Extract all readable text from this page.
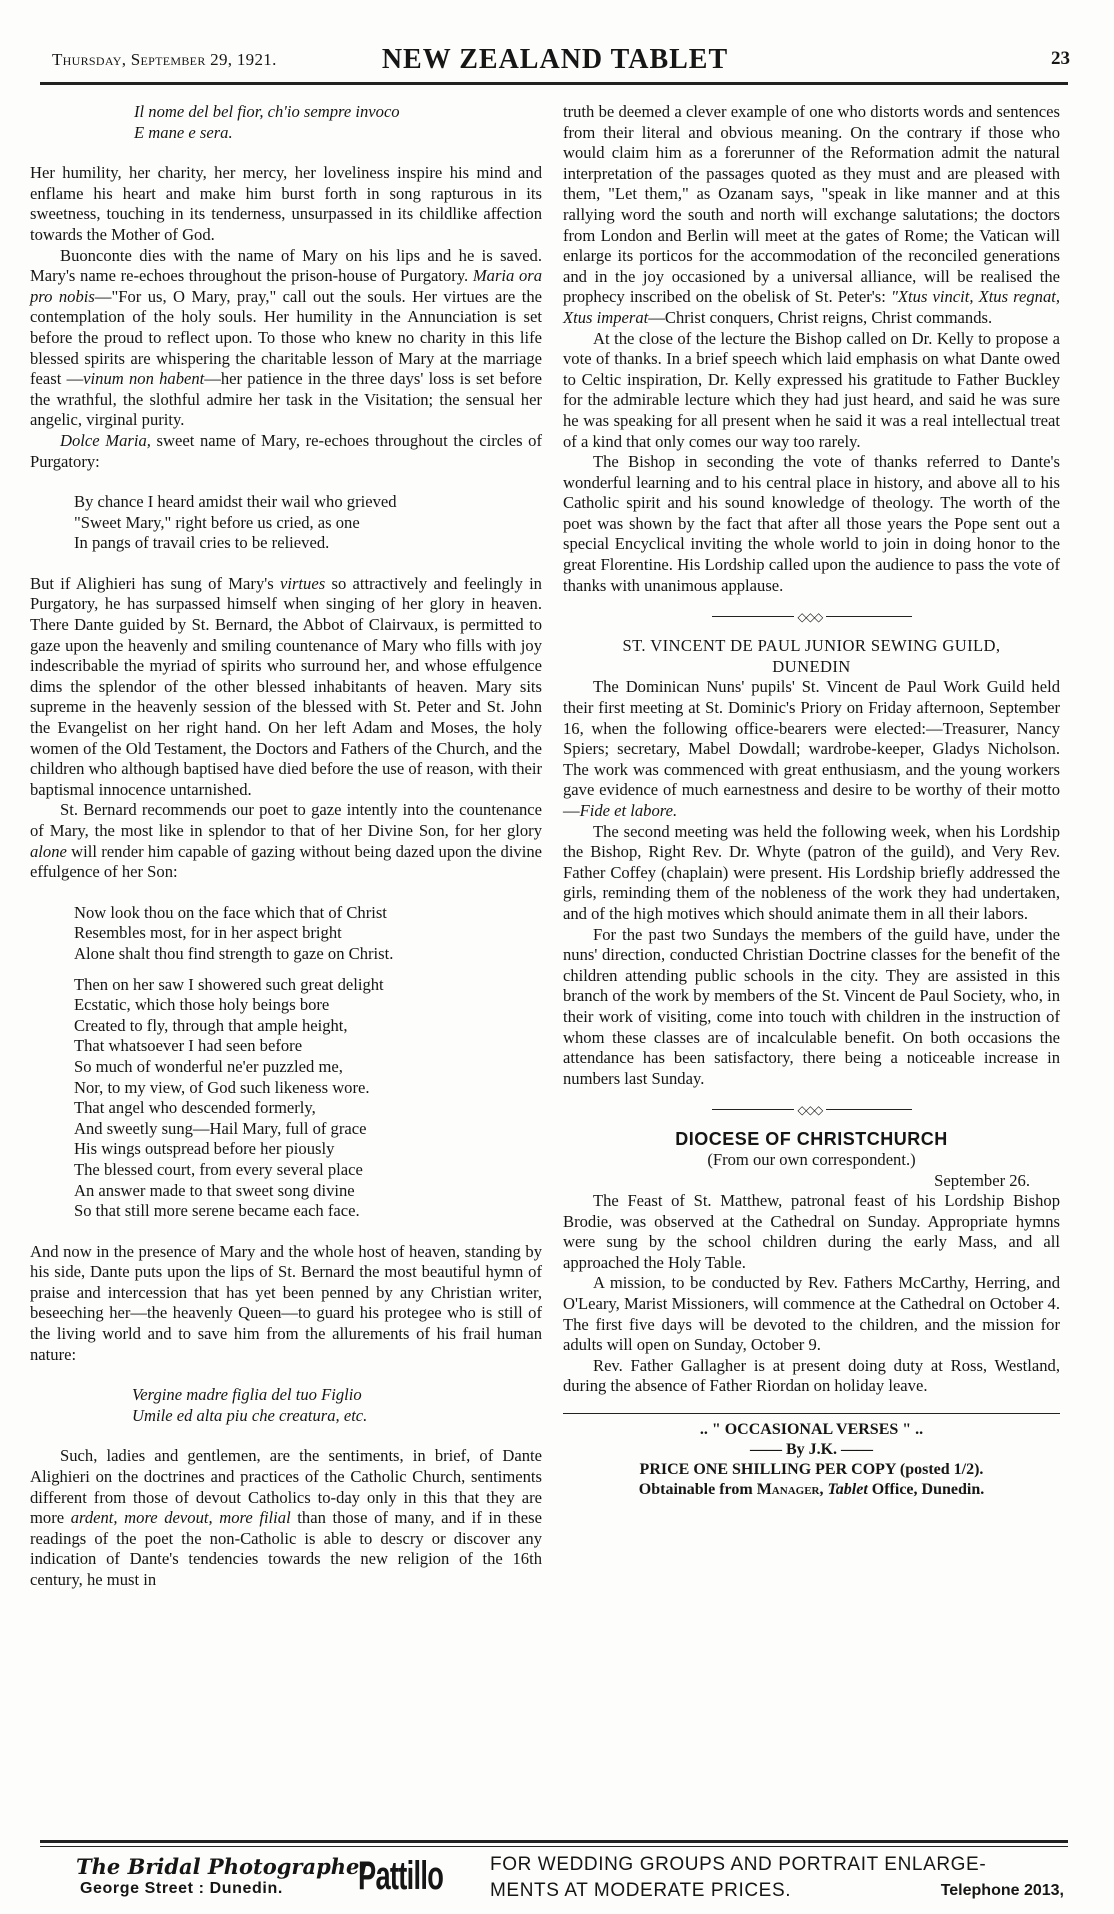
Thursday, September 29, 1921.	NEW ZEALAND TABLET	23

Il nome del bel fior, ch'io sempre invoco

E mane e sera.

Her humility, her charity, her mercy, her loveliness inspire his mind and enflame his heart and make him burst forth in song rapturous in its sweetness, touching in its tenderness, unsurpassed in its childlike affection towards the Mother of God.

Buonconte dies with the name of Mary on his lips and he is saved. Mary's name re-echoes throughout the prison-house of Purgatory. Maria ora pro nobis—"For us, O Mary, pray," call out the souls. Her virtues are the contemplation of the holy souls. Her humility in the Annunciation is set before the proud to reflect upon. To those who knew no charity in this life blessed spirits are whispering the charitable lesson of Mary at the marriage feast —vinum non habent—her patience in the three days' loss is set before the wrathful, the slothful admire her task in the Visitation; the sensual her angelic, virginal purity.

Dolce Maria, sweet name of Mary, re-echoes throughout the circles of Purgatory:

By chance I heard amidst their wail who grieved

"Sweet Mary," right before us cried, as one

In pangs of travail cries to be relieved.

But if Alighieri has sung of Mary's virtues so attractively and feelingly in Purgatory, he has surpassed himself when singing of her glory in heaven. There Dante guided by St. Bernard, the Abbot of Clairvaux, is permitted to gaze upon the heavenly and smiling countenance of Mary who fills with joy indescribable the myriad of spirits who surround her, and whose effulgence dims the splendor of the other blessed inhabitants of heaven. Mary sits supreme in the heavenly session of the blessed with St. Peter and St. John the Evangelist on her right hand. On her left Adam and Moses, the holy women of the Old Testament, the Doctors and Fathers of the Church, and the children who although baptised have died before the use of reason, with their baptismal innocence untarnished.

St. Bernard recommends our poet to gaze intently into the countenance of Mary, the most like in splendor to that of her Divine Son, for her glory alone will render him capable of gazing without being dazed upon the divine effulgence of her Son:

Now look thou on the face which that of Christ

Resembles most, for in her aspect bright

Alone shalt thou find strength to gaze on Christ.

Then on her saw I showered such great delight

Ecstatic, which those holy beings bore

Created to fly, through that ample height,

That whatsoever I had seen before

So much of wonderful ne'er puzzled me,

Nor, to my view, of God such likeness wore.

That angel who descended formerly,

And sweetly sung—Hail Mary, full of grace

His wings outspread before her piously

The blessed court, from every several place

An answer made to that sweet song divine

So that still more serene became each face.

And now in the presence of Mary and the whole host of heaven, standing by his side, Dante puts upon the lips of St. Bernard the most beautiful hymn of praise and intercession that has yet been penned by any Christian writer, beseeching her—the heavenly Queen—to guard his protegee who is still of the living world and to save him from the allurements of his frail human nature:

Vergine madre figlia del tuo Figlio

Umile ed alta piu che creatura, etc.

Such, ladies and gentlemen, are the sentiments, in brief, of Dante Alighieri on the doctrines and practices of the Catholic Church, sentiments different from those of devout Catholics to-day only in this that they are more ardent, more devout, more filial than those of many, and if in these readings of the poet the non-Catholic is able to descry or discover any indication of Dante's tendencies towards the new religion of the 16th century, he must in

truth be deemed a clever example of one who distorts words and sentences from their literal and obvious meaning. On the contrary if those who would claim him as a forerunner of the Reformation admit the natural interpretation of the passages quoted as they must and are pleased with them, "Let them," as Ozanam says, "speak in like manner and at this rallying word the south and north will exchange salutations; the doctors from London and Berlin will meet at the gates of Rome; the Vatican will enlarge its porticos for the accommodation of the reconciled generations and in the joy occasioned by a universal alliance, will be realised the prophecy inscribed on the obelisk of St. Peter's: "Xtus vincit, Xtus regnat, Xtus imperat—Christ conquers, Christ reigns, Christ commands.

At the close of the lecture the Bishop called on Dr. Kelly to propose a vote of thanks. In a brief speech which laid emphasis on what Dante owed to Celtic inspiration, Dr. Kelly expressed his gratitude to Father Buckley for the admirable lecture which they had just heard, and said he was sure he was speaking for all present when he said it was a real intellectual treat of a kind that only comes our way too rarely.

The Bishop in seconding the vote of thanks referred to Dante's wonderful learning and to his central place in history, and above all to his Catholic spirit and his sound knowledge of theology. The worth of the poet was shown by the fact that after all those years the Pope sent out a special Encyclical inviting the whole world to join in doing honor to the great Florentine. His Lordship called upon the audience to pass the vote of thanks with unanimous applause.

◇◇◇

ST. VINCENT DE PAUL JUNIOR SEWING GUILD,

DUNEDIN

The Dominican Nuns' pupils' St. Vincent de Paul Work Guild held their first meeting at St. Dominic's Priory on Friday afternoon, September 16, when the following office-bearers were elected:—Treasurer, Nancy Spiers; secretary, Mabel Dowdall; wardrobe-keeper, Gladys Nicholson. The work was commenced with great enthusiasm, and the young workers gave evidence of much earnestness and desire to be worthy of their motto—Fide et labore.

The second meeting was held the following week, when his Lordship the Bishop, Right Rev. Dr. Whyte (patron of the guild), and Very Rev. Father Coffey (chaplain) were present. His Lordship briefly addressed the girls, reminding them of the nobleness of the work they had undertaken, and of the high motives which should animate them in all their labors.

For the past two Sundays the members of the guild have, under the nuns' direction, conducted Christian Doctrine classes for the benefit of the children attending public schools in the city. They are assisted in this branch of the work by members of the St. Vincent de Paul Society, who, in their work of visiting, come into touch with children in the instruction of whom these classes are of incalculable benefit. On both occasions the attendance has been satisfactory, there being a noticeable increase in numbers last Sunday.

◇◇◇

DIOCESE OF CHRISTCHURCH

(From our own correspondent.)

September 26.

The Feast of St. Matthew, patronal feast of his Lordship Bishop Brodie, was observed at the Cathedral on Sunday. Appropriate hymns were sung by the school children during the early Mass, and all approached the Holy Table.

A mission, to be conducted by Rev. Fathers McCarthy, Herring, and O'Leary, Marist Missioners, will commence at the Cathedral on October 4. The first five days will be devoted to the children, and the mission for adults will open on Sunday, October 9.

Rev. Father Gallagher is at present doing duty at Ross, Westland, during the absence of Father Riordan on holiday leave.

.. " OCCASIONAL VERSES " ..

—— By J.K. ——

PRICE ONE SHILLING PER COPY (posted 1/2).

Obtainable from Manager, Tablet Office, Dunedin.

The Bridal Photographer,
George Street : Dunedin. Pattillo FOR WEDDING GROUPS AND PORTRAIT ENLARGE-
MENTS AT MODERATE PRICES.	Telephone 2013,
